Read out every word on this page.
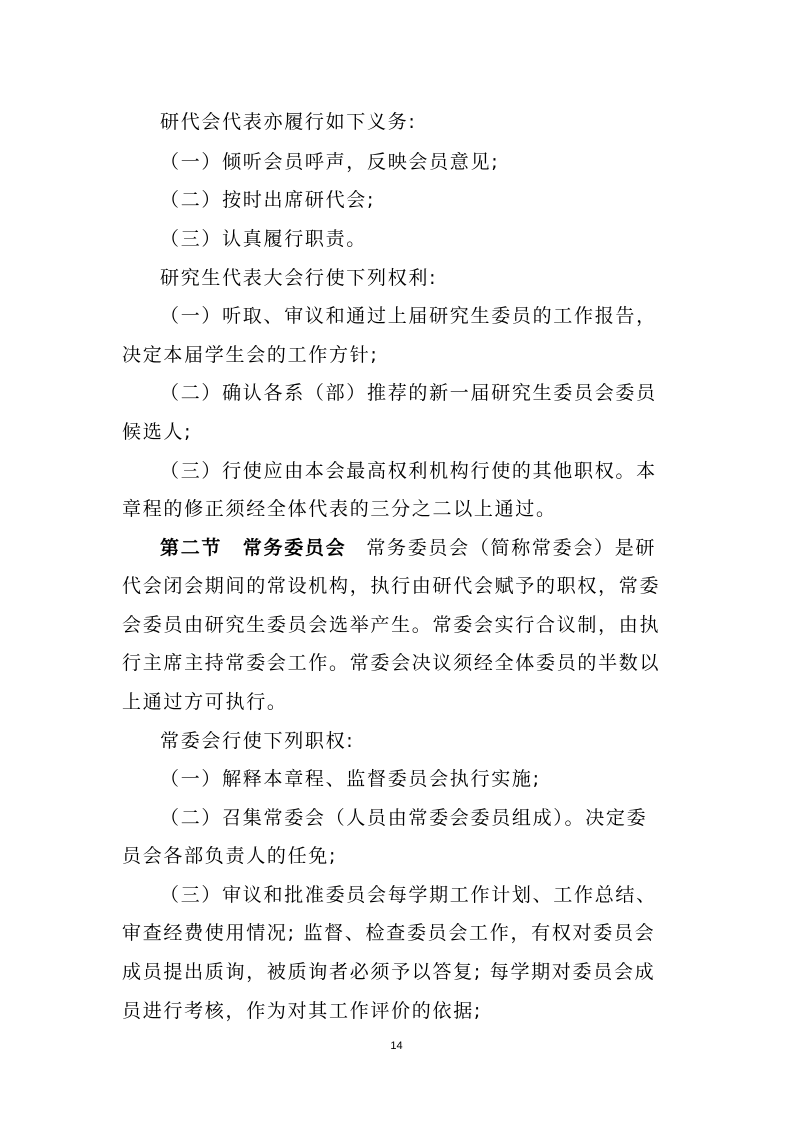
研代会代表亦履行如下义务:
（一）倾听会员呼声，反映会员意见;
（二）按时出席研代会;
（三）认真履行职责。
研究生代表大会行使下列权利:
（一）听取、审议和通过上届研究生委员的工作报告，
决定本届学生会的工作方针;
（二）确认各系（部）推荐的新一届研究生委员会委员
候选人;
（三）行使应由本会最高权利机构行使的其他职权。本
章程的修正须经全体代表的三分之二以上通过。
第二节　常务委员会 常务委员会（简称常委会）是研
代会闭会期间的常设机构，执行由研代会赋予的职权，常委
会委员由研究生委员会选举产生。常委会实行合议制，由执
行主席主持常委会工作。常委会决议须经全体委员的半数以
上通过方可执行。
常委会行使下列职权:
（一）解释本章程、监督委员会执行实施;
（二）召集常委会（人员由常委会委员组成）。决定委
员会各部负责人的任免;
（三）审议和批准委员会每学期工作计划、工作总结、
审查经费使用情况; 监督、检查委员会工作，有权对委员会
成员提出质询，被质询者必须予以答复; 每学期对委员会成
员进行考核，作为对其工作评价的依据;
14
